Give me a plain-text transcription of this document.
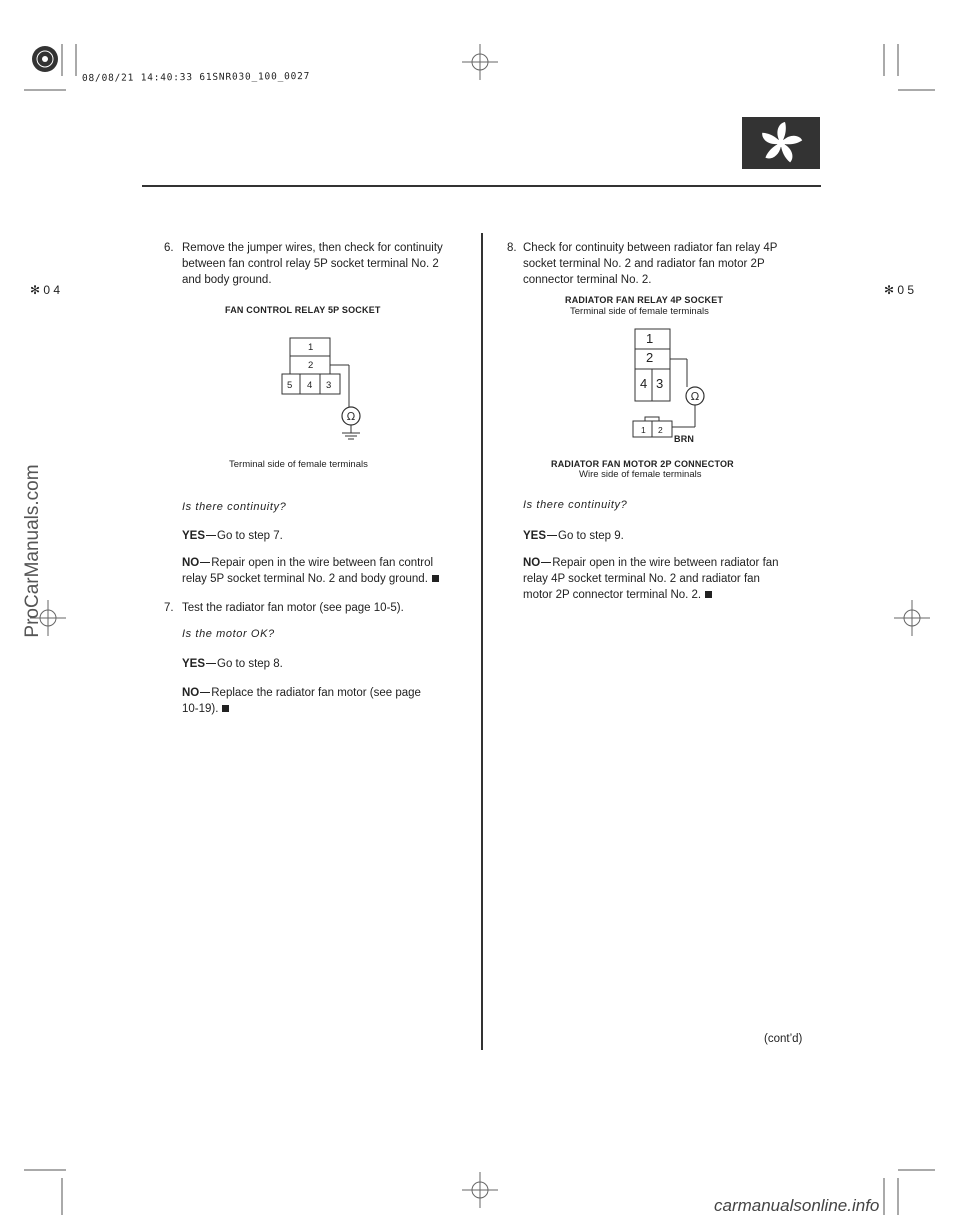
08/08/21 14:40:33 61SNR030_100_0027
✻ 0 4	✻ 0 5
6. Remove the jumper wires, then check for continuity
between fan control relay 5P socket terminal No. 2
and body ground.
FAN CONTROL RELAY 5P SOCKET
Ω
1
2
5 4 3
Terminal side of female terminals
Is there continuity?
YES Go to step 7.
NO Repair open in the wire between fan control
relay 5P socket terminal No. 2 and body ground.
7. Test the radiator fan motor (see page 10-5).
Is the motor OK?
YES Go to step 8.
NO Replace the radiator fan motor (see page
10-19).
8. Check for continuity between radiator fan relay 4P
socket terminal No. 2 and radiator fan motor 2P
connector terminal No. 2.
RADIATOR FAN RELAY 4P SOCKET
Terminal side of female terminals
Ω
1
2
4 3
1 2
BRN
RADIATOR FAN MOTOR 2P CONNECTOR
Wire side of female terminals
Is there continuity?
YES Go to step 9.
NO Repair open in the wire between radiator fan
relay 4P socket terminal No. 2 and radiator fan
motor 2P connector terminal No. 2.
(cont’d)
ProCarManuals.com
carmanualsonline.info
